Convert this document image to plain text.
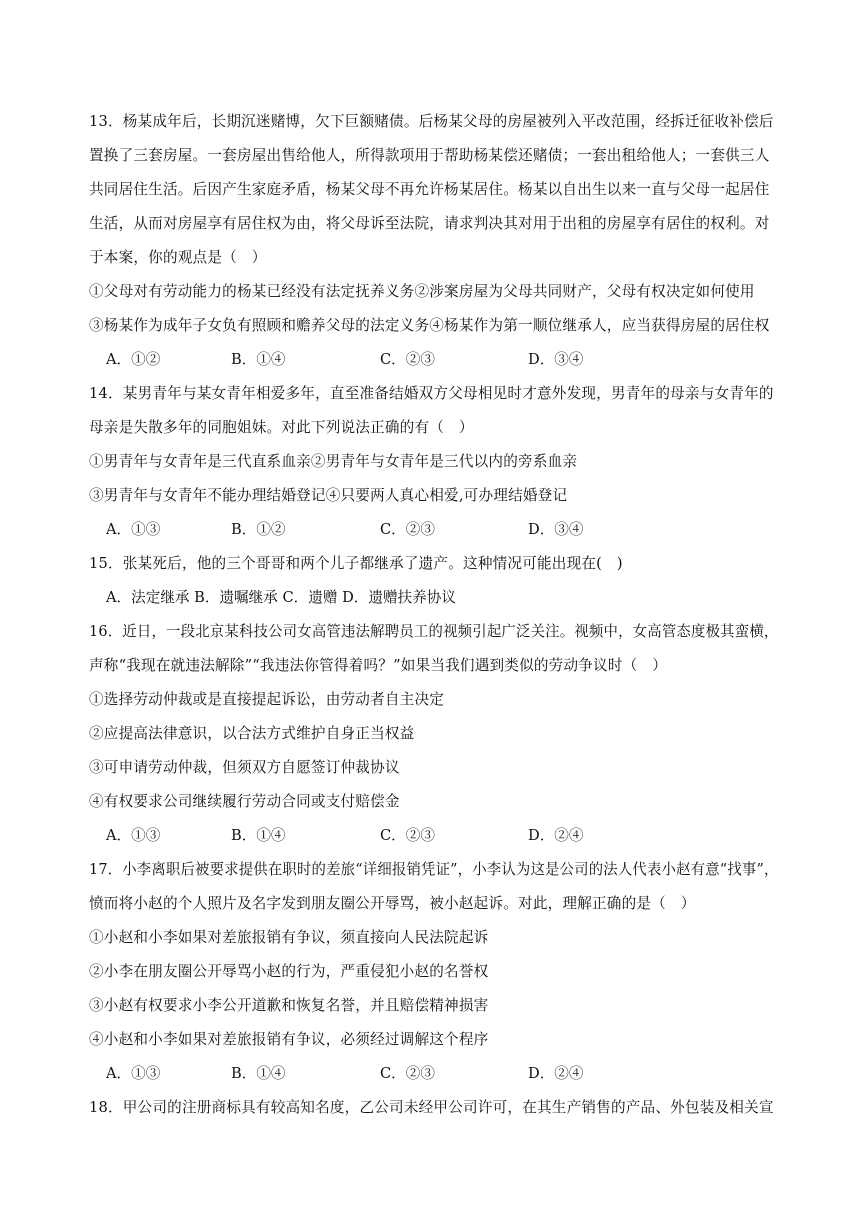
13．杨某成年后，长期沉迷赌博，欠下巨额赌债。后杨某父母的房屋被列入平改范围，经拆迁征收补偿后
置换了三套房屋。一套房屋出售给他人，所得款项用于帮助杨某偿还赌债；一套出租给他人；一套供三人
共同居住生活。后因产生家庭矛盾，杨某父母不再允许杨某居住。杨某以自出生以来一直与父母一起居住
生活，从而对房屋享有居住权为由，将父母诉至法院，请求判决其对用于出租的房屋享有居住的权利。对
于本案，你的观点是（　）
①父母对有劳动能力的杨某已经没有法定抚养义务②涉案房屋为父母共同财产，父母有权决定如何使用
③杨某作为成年子女负有照顾和赡养父母的法定义务④杨某作为第一顺位继承人，应当获得房屋的居住权
A．①②	B．①④	C．②③	D．③④
14．某男青年与某女青年相爱多年，直至准备结婚双方父母相见时才意外发现，男青年的母亲与女青年的
母亲是失散多年的同胞姐妹。对此下列说法正确的有（　）
①男青年与女青年是三代直系血亲②男青年与女青年是三代以内的旁系血亲
③男青年与女青年不能办理结婚登记④只要两人真心相爱,可办理结婚登记
A．①③	B．①②	C．②③	D．③④
15．张某死后，他的三个哥哥和两个儿子都继承了遗产。这种情况可能出现在(　)
A．法定继承 B．遗嘱继承 C．遗赠 D．遗赠扶养协议
16．近日，一段北京某科技公司女高管违法解聘员工的视频引起广泛关注。视频中，女高管态度极其蛮横，
声称“我现在就违法解除”“我违法你管得着吗？”如果当我们遇到类似的劳动争议时（　）
①选择劳动仲裁或是直接提起诉讼，由劳动者自主决定
②应提高法律意识，以合法方式维护自身正当权益
③可申请劳动仲裁，但须双方自愿签订仲裁协议
④有权要求公司继续履行劳动合同或支付赔偿金
A．①③	B．①④	C．②③	D．②④
17．小李离职后被要求提供在职时的差旅“详细报销凭证”，小李认为这是公司的法人代表小赵有意“找事”，
愤而将小赵的个人照片及名字发到朋友圈公开辱骂，被小赵起诉。对此，理解正确的是（　）
①小赵和小李如果对差旅报销有争议，须直接向人民法院起诉
②小李在朋友圈公开辱骂小赵的行为，严重侵犯小赵的名誉权
③小赵有权要求小李公开道歉和恢复名誉，并且赔偿精神损害
④小赵和小李如果对差旅报销有争议，必须经过调解这个程序
A．①③	B．①④	C．②③	D．②④
18．甲公司的注册商标具有较高知名度，乙公司未经甲公司许可，在其生产销售的产品、外包装及相关宣
